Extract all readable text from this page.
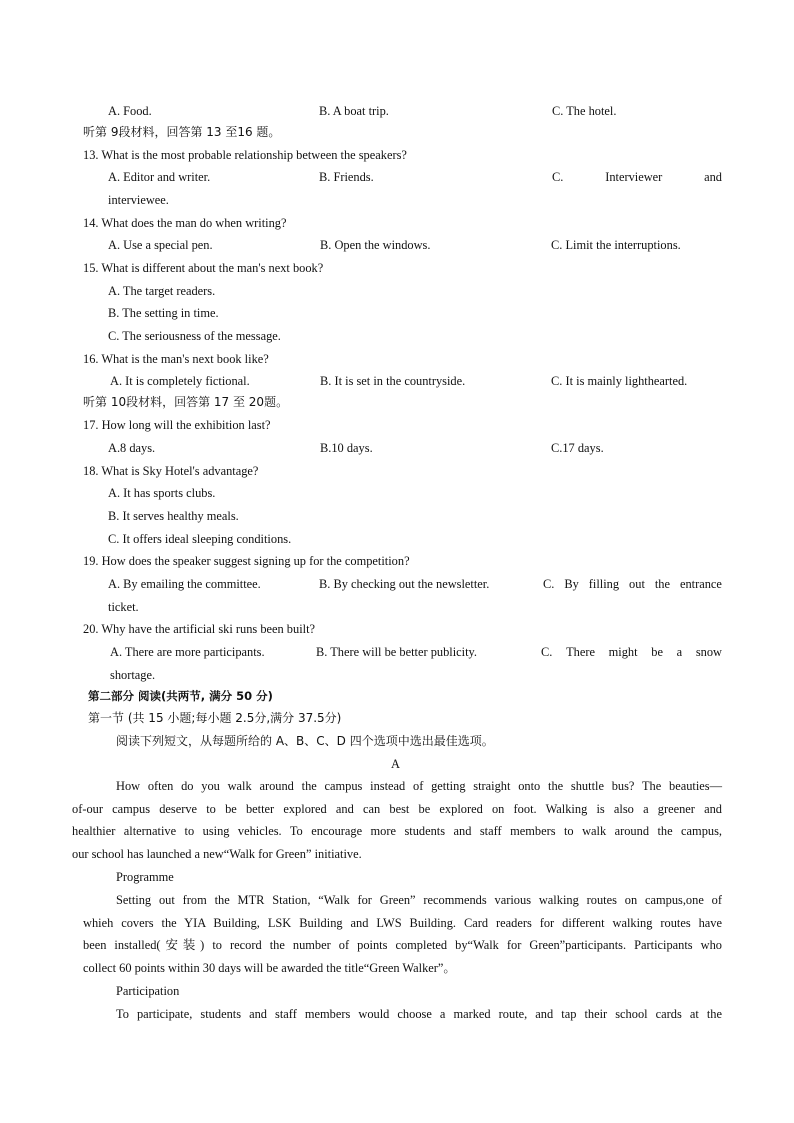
A. Food.	B. A boat trip.	C. The hotel.
听第 9段材料，回答第 13 至16 题。
13. What is the most probable relationship between the speakers?
A. Editor and writer.	B. Friends.	C.	Interviewer	and
interviewee.
14. What does the man do when writing?
A. Use a special pen.	B. Open the windows.	C. Limit the interruptions.
15. What is different about the man's next book?
A. The target readers.
B. The setting in time.
C. The seriousness of the message.
16. What is the man's next book like?
A. It is completely fictional.	B. It is set in the countryside.	C. It is mainly lighthearted.
听第 10段材料，回答第 17 至 20题。
17. How long will the exhibition last?
A.8 days.	B.10 days.	C.17 days.
18. What is Sky Hotel's advantage?
A. It has sports clubs.
B. It serves healthy meals.
C. It offers ideal sleeping conditions.
19. How does the speaker suggest signing up for the competition?
A. By emailing the committee.	B. By checking out the newsletter.	C. By filling out the entrance
ticket.
20. Why have the artificial ski runs been built?
A. There are more participants.	B. There will be better publicity.	C. There might be a snow
shortage.
第二部分 阅读(共两节, 满分 50 分)
第一节 (共 15 小题;每小题 2.5分,满分 37.5分)
阅读下列短文，从每题所给的 A、B、C、D 四个选项中选出最佳选项。
A
How often do you walk around the campus instead of getting straight onto the shuttle bus? The beauties—
of-our campus deserve to be better explored and can best be explored on foot. Walking is also a greener and
healthier alternative to using vehicles. To encourage more students and staff members to walk around the campus,
our school has launched a new“Walk for Green” initiative.
Programme
Setting out from the MTR Station, “Walk for Green” recommends various walking routes on campus,one of
whieh covers the YIA Building, LSK Building and LWS Building. Card readers for different walking routes have
been installed(安装) to record the number of points completed by“Walk for Green”participants. Participants who
collect 60 points within 30 days will be awarded the title“Green Walker”。
Participation
To participate, students and staff members would choose a marked route, and tap their school cards at the
